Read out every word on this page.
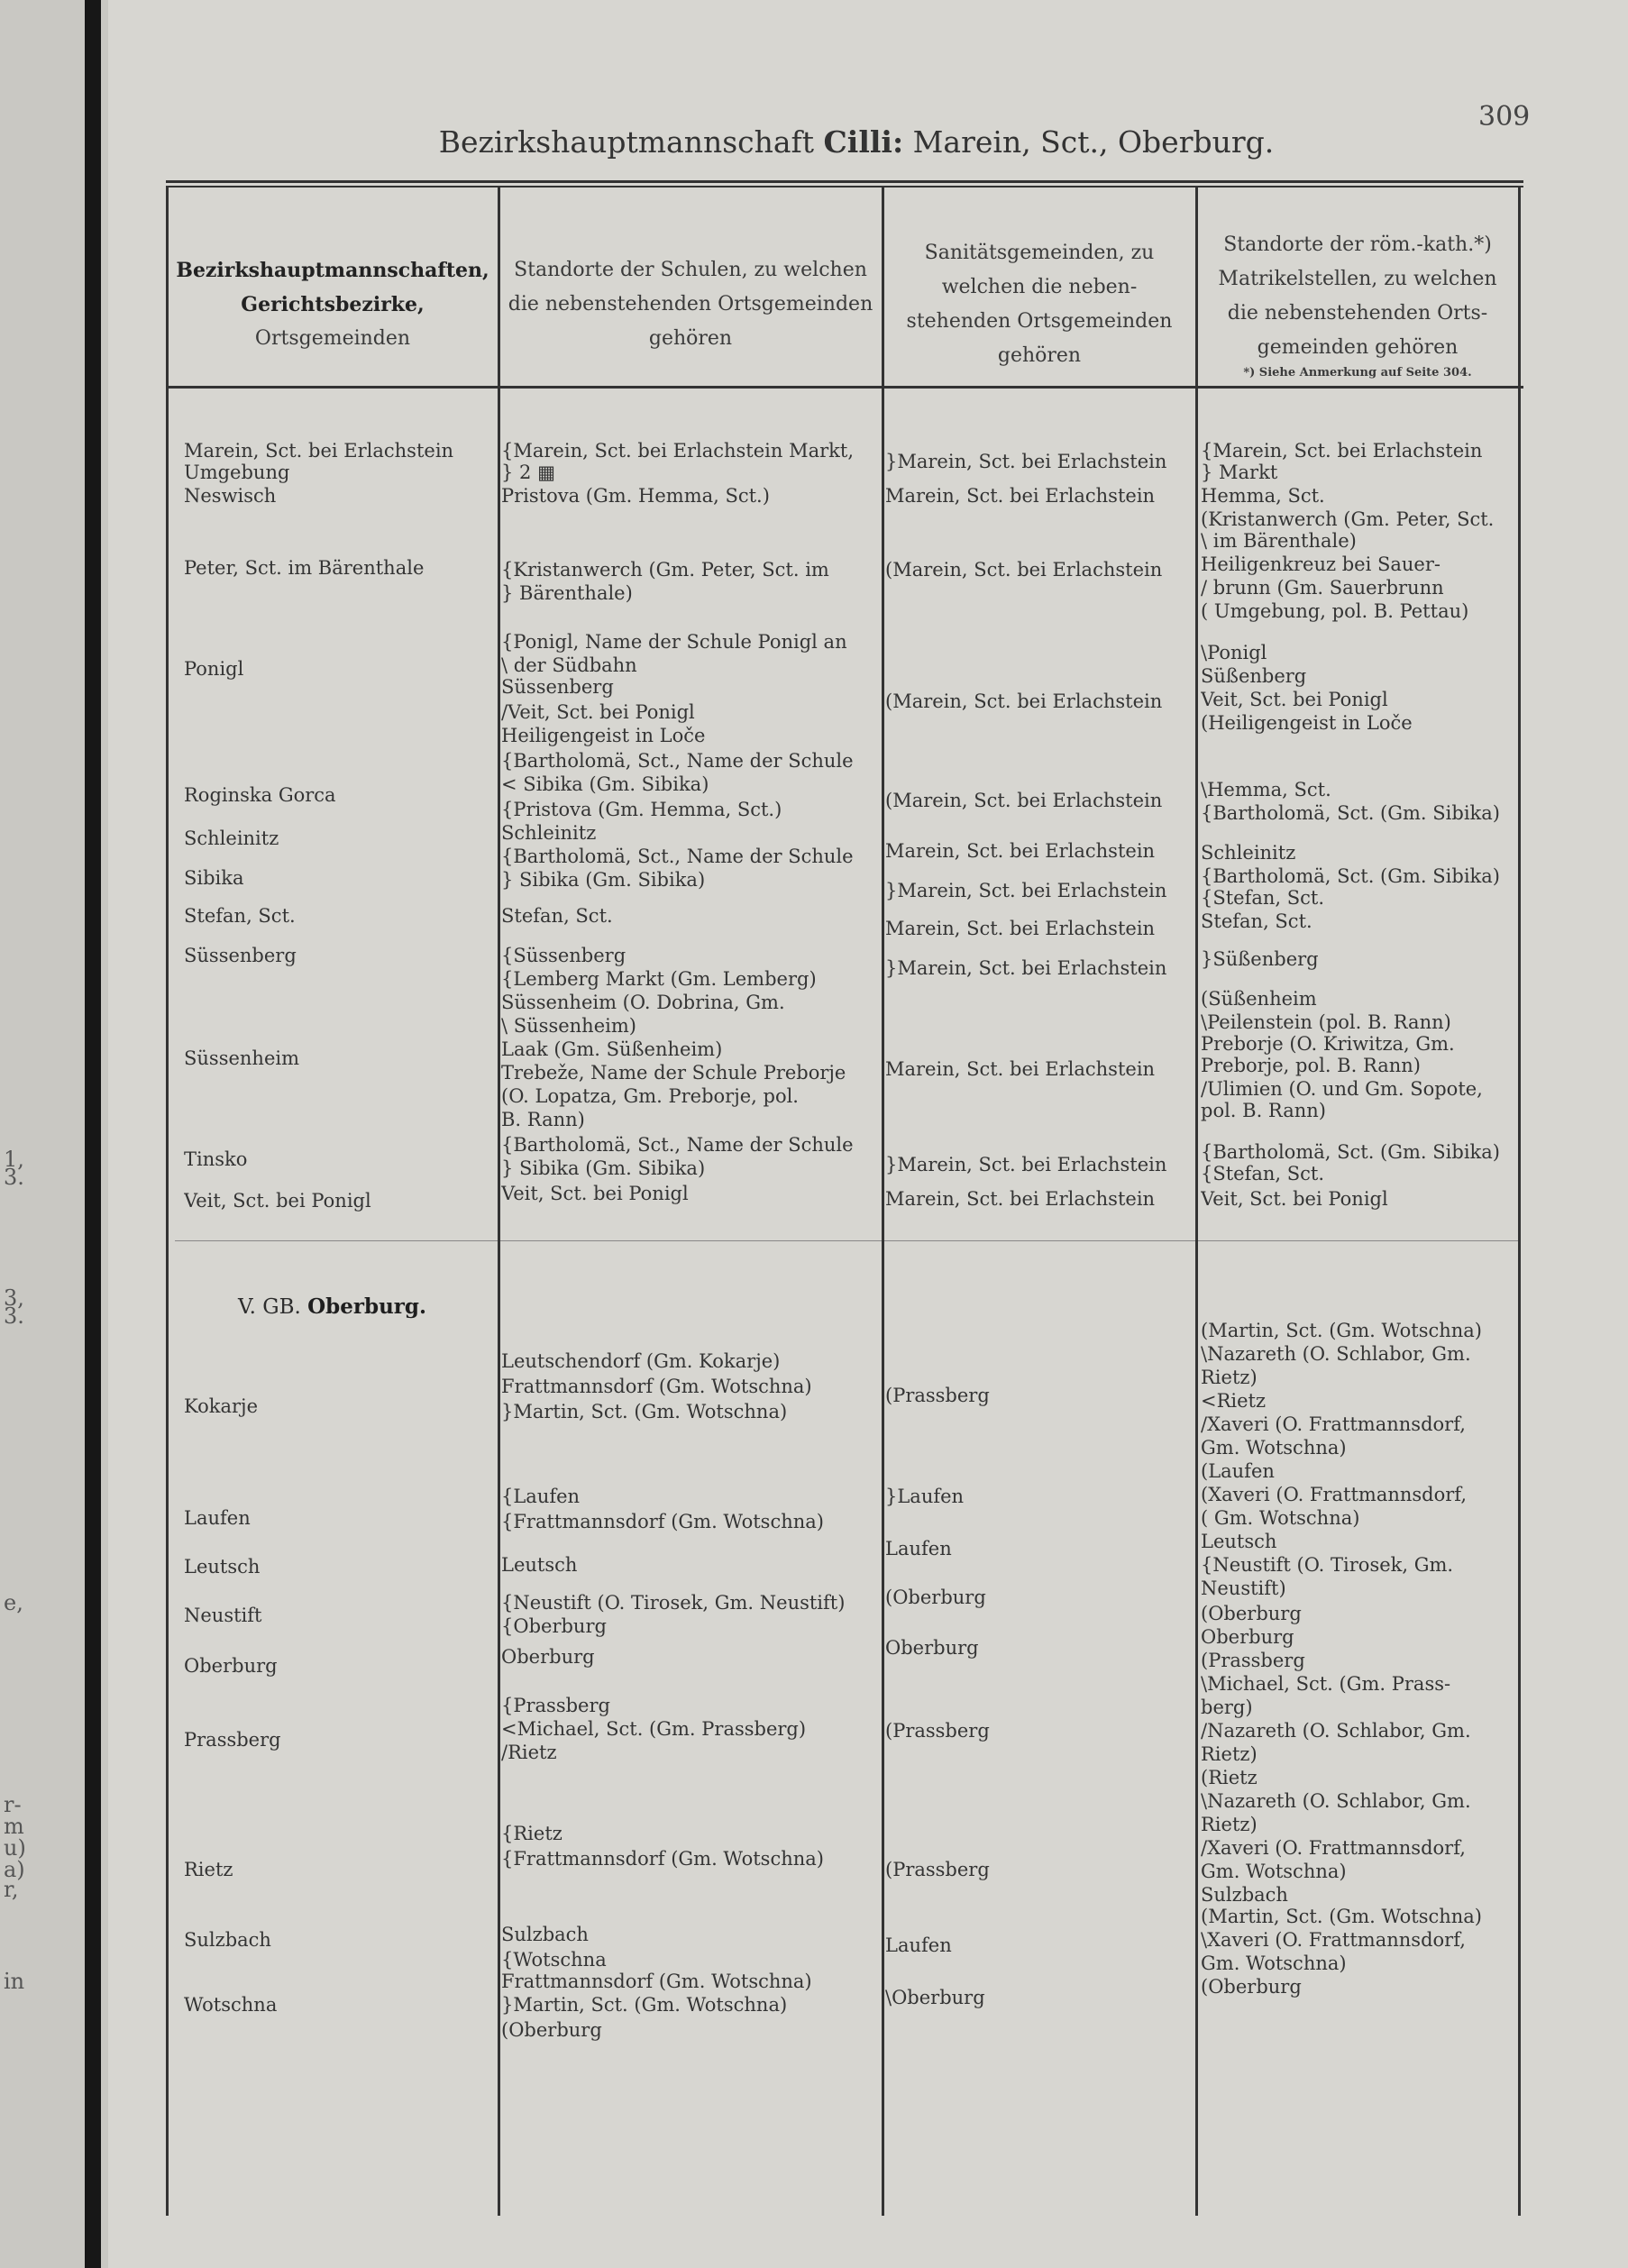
1,
3.
3,
3.
e,
r-
m
u)
a)
r,
in
Bezirkshauptmannschaft Cilli: Marein, Sct., Oberburg.
309
Bezirkshauptmannschaften,
Gerichtsbezirke,
Ortsgemeinden
Standorte der Schulen, zu welchen
die nebenstehenden Ortsgemeinden
gehören
Sanitätsgemeinden, zu
welchen die neben-
stehenden Ortsgemeinden
gehören
Standorte der röm.-kath.*)
Matrikelstellen, zu welchen
die nebenstehenden Orts-
gemeinden gehören
*) Siehe Anmerkung auf Seite 304.
V. GB. Oberburg.
Marein, Sct. bei Erlachstein
Umgebung
Neswisch
Peter, Sct. im Bärenthale
Ponigl
Roginska Gorca
Schleinitz
Sibika
Stefan, Sct.
Süssenberg
Süssenheim
Tinsko
Veit, Sct. bei Ponigl
Kokarje
Laufen
Leutsch
Neustift
Oberburg
Prassberg
Rietz
Sulzbach
Wotschna
{Marein, Sct. bei Erlachstein Markt,
} 2 ▦
Pristova (Gm. Hemma, Sct.)
{Kristanwerch (Gm. Peter, Sct. im
} Bärenthale)
{Ponigl, Name der Schule Ponigl an
\ der Südbahn
Süssenberg
/Veit, Sct. bei Ponigl
Heiligengeist in Loče
{Bartholomä, Sct., Name der Schule
< Sibika (Gm. Sibika)
{Pristova (Gm. Hemma, Sct.)
Schleinitz
{Bartholomä, Sct., Name der Schule
} Sibika (Gm. Sibika)
Stefan, Sct.
{Süssenberg
{Lemberg Markt (Gm. Lemberg)
Süssenheim (O. Dobrina, Gm.
\ Süssenheim)
Laak (Gm. Süßenheim)
Trebeže, Name der Schule Preborje
(O. Lopatza, Gm. Preborje, pol.
B. Rann)
{Bartholomä, Sct., Name der Schule
} Sibika (Gm. Sibika)
Veit, Sct. bei Ponigl
Leutschendorf (Gm. Kokarje)
Frattmannsdorf (Gm. Wotschna)
}Martin, Sct. (Gm. Wotschna)
{Laufen
{Frattmannsdorf (Gm. Wotschna)
Leutsch
{Neustift (O. Tirosek, Gm. Neustift)
{Oberburg
Oberburg
{Prassberg
<Michael, Sct. (Gm. Prassberg)
/Rietz
{Rietz
{Frattmannsdorf (Gm. Wotschna)
Sulzbach
{Wotschna
Frattmannsdorf (Gm. Wotschna)
}Martin, Sct. (Gm. Wotschna)
(Oberburg
}Marein, Sct. bei Erlachstein
Marein, Sct. bei Erlachstein
(Marein, Sct. bei Erlachstein
(Marein, Sct. bei Erlachstein
(Marein, Sct. bei Erlachstein
Marein, Sct. bei Erlachstein
}Marein, Sct. bei Erlachstein
Marein, Sct. bei Erlachstein
}Marein, Sct. bei Erlachstein
Marein, Sct. bei Erlachstein
}Marein, Sct. bei Erlachstein
Marein, Sct. bei Erlachstein
(Prassberg
}Laufen
Laufen
(Oberburg
Oberburg
(Prassberg
(Prassberg
Laufen
\Oberburg
{Marein, Sct. bei Erlachstein
} Markt
Hemma, Sct.
(Kristanwerch (Gm. Peter, Sct.
\ im Bärenthale)
Heiligenkreuz bei Sauer-
/ brunn (Gm. Sauerbrunn
( Umgebung, pol. B. Pettau)
\Ponigl
Süßenberg
Veit, Sct. bei Ponigl
(Heiligengeist in Loče
\Hemma, Sct.
{Bartholomä, Sct. (Gm. Sibika)
Schleinitz
{Bartholomä, Sct. (Gm. Sibika)
{Stefan, Sct.
Stefan, Sct.
}Süßenberg
(Süßenheim
\Peilenstein (pol. B. Rann)
Preborje (O. Kriwitza, Gm.
Preborje, pol. B. Rann)
/Ulimien (O. und Gm. Sopote,
pol. B. Rann)
{Bartholomä, Sct. (Gm. Sibika)
{Stefan, Sct.
Veit, Sct. bei Ponigl
(Martin, Sct. (Gm. Wotschna)
\Nazareth (O. Schlabor, Gm.
Rietz)
<Rietz
/Xaveri (O. Frattmannsdorf,
Gm. Wotschna)
(Laufen
(Xaveri (O. Frattmannsdorf,
( Gm. Wotschna)
Leutsch
{Neustift (O. Tirosek, Gm.
Neustift)
(Oberburg
Oberburg
(Prassberg
\Michael, Sct. (Gm. Prass-
berg)
/Nazareth (O. Schlabor, Gm.
Rietz)
(Rietz
\Nazareth (O. Schlabor, Gm.
Rietz)
/Xaveri (O. Frattmannsdorf,
Gm. Wotschna)
Sulzbach
(Martin, Sct. (Gm. Wotschna)
\Xaveri (O. Frattmannsdorf,
Gm. Wotschna)
(Oberburg
